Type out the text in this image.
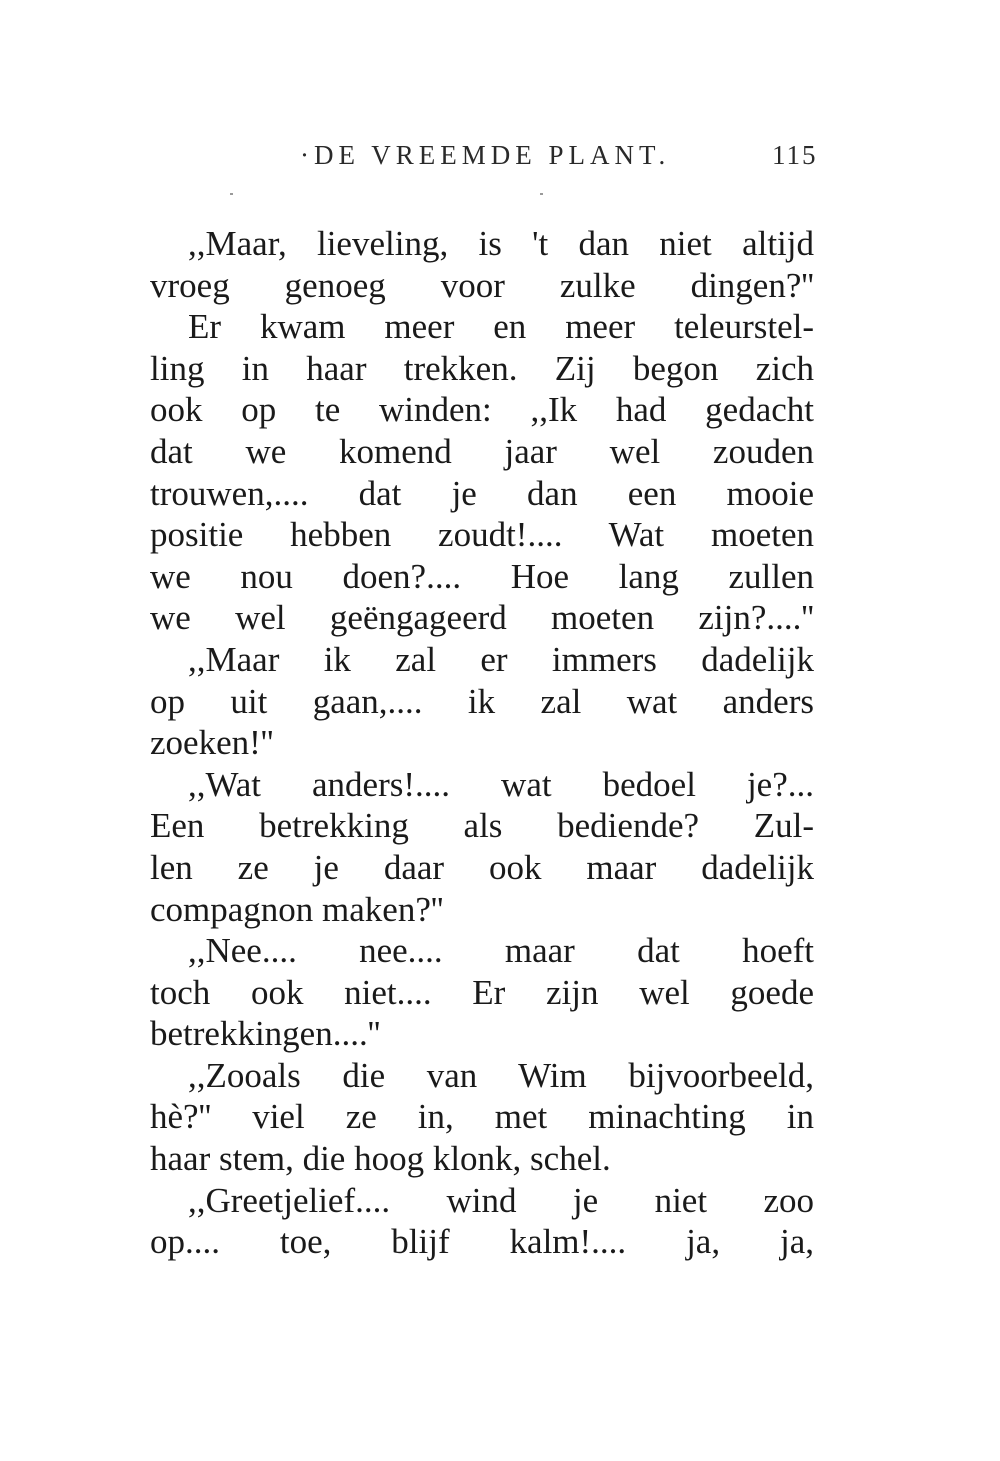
·DE VREEMDE PLANT.	115
,,Maar, lieveling, is 't dan niet altijd
vroeg genoeg voor zulke dingen?''
Er kwam meer en meer teleurstel-
ling in haar trekken. Zij begon zich
ook op te winden: ,,Ik had gedacht
dat we komend jaar wel zouden
trouwen,.... dat je dan een mooie
positie hebben zoudt!.... Wat moeten
we nou doen?.... Hoe lang zullen
we wel geëngageerd moeten zijn?....''
,,Maar ik zal er immers dadelijk
op uit gaan,.... ik zal wat anders
zoeken!''
,,Wat anders!.... wat bedoel je?...
Een betrekking als bediende? Zul-
len ze je daar ook maar dadelijk
compagnon maken?''
,,Nee.... nee.... maar dat hoeft
toch ook niet.... Er zijn wel goede
betrekkingen....''
,,Zooals die van Wim bijvoorbeeld,
hè?'' viel ze in, met minachting in
haar stem, die hoog klonk, schel.
,,Greetjelief.... wind je niet zoo
op.... toe, blijf kalm!.... ja, ja,
